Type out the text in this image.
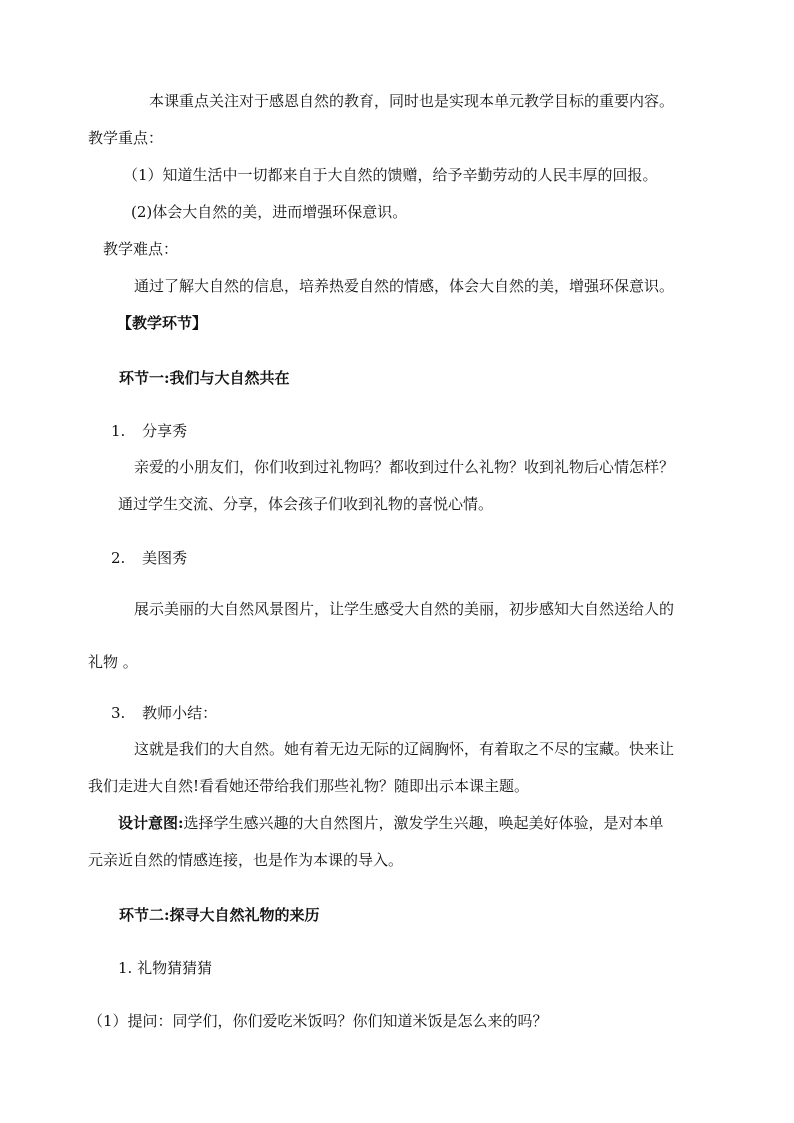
本课重点关注对于感恩自然的教育，同时也是实现本单元教学目标的重要内容。
教学重点：
（1）知道生活中一切都来自于大自然的馈赠，给予辛勤劳动的人民丰厚的回报。
(2)体会大自然的美，进而增强环保意识。
教学难点：
通过了解大自然的信息，培养热爱自然的情感，体会大自然的美，增强环保意识。
【教学环节】
环节一:我们与大自然共在
1. 分享秀
亲爱的小朋友们，你们收到过礼物吗？都收到过什么礼物？收到礼物后心情怎样？
通过学生交流、分享，体会孩子们收到礼物的喜悦心情。
2. 美图秀
展示美丽的大自然风景图片，让学生感受大自然的美丽，初步感知大自然送给人的
礼物 。
3. 教师小结：
这就是我们的大自然。她有着无边无际的辽阔胸怀，有着取之不尽的宝藏。快来让
我们走进大自然!看看她还带给我们那些礼物？随即出示本课主题。
设计意图:选择学生感兴趣的大自然图片，激发学生兴趣，唤起美好体验，是对本单
元亲近自然的情感连接，也是作为本课的导入。
环节二:探寻大自然礼物的来历
1. 礼物猜猜猜
（1）提问：同学们，你们爱吃米饭吗？你们知道米饭是怎么来的吗？
